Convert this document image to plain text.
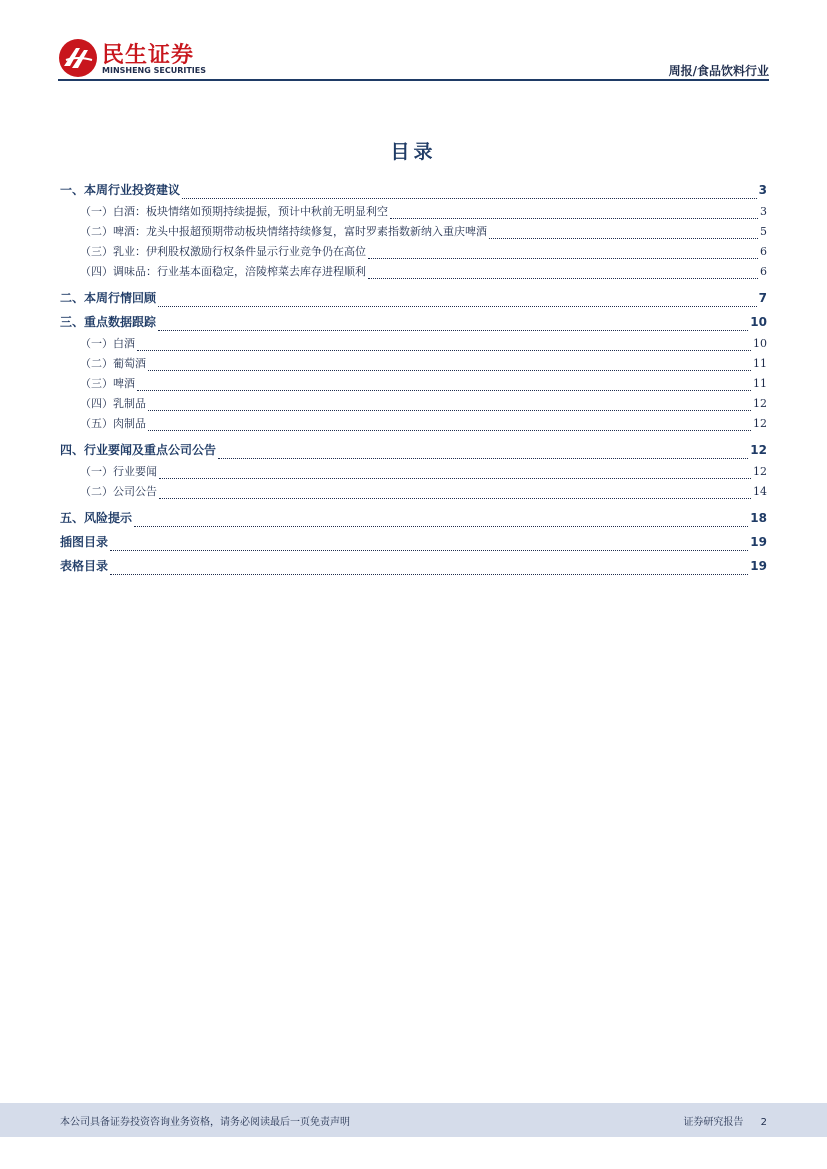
民生证券
MINSHENG SECURITIES	周报/食品饮料行业
目录
一、本周行业投资建议	3
（一）白酒：板块情绪如预期持续提振，预计中秋前无明显利空	3
（二）啤酒：龙头中报超预期带动板块情绪持续修复，富时罗素指数新纳入重庆啤酒	5
（三）乳业：伊利股权激励行权条件显示行业竞争仍在高位	6
（四）调味品：行业基本面稳定，涪陵榨菜去库存进程顺利	6
二、本周行情回顾	7
三、重点数据跟踪	10
（一）白酒	10
（二）葡萄酒	11
（三）啤酒	11
（四）乳制品	12
（五）肉制品	12
四、行业要闻及重点公司公告	12
（一）行业要闻	12
（二）公司公告	14
五、风险提示	18
插图目录	19
表格目录	19
本公司具备证券投资咨询业务资格，请务必阅读最后一页免责声明	证券研究报告 2
